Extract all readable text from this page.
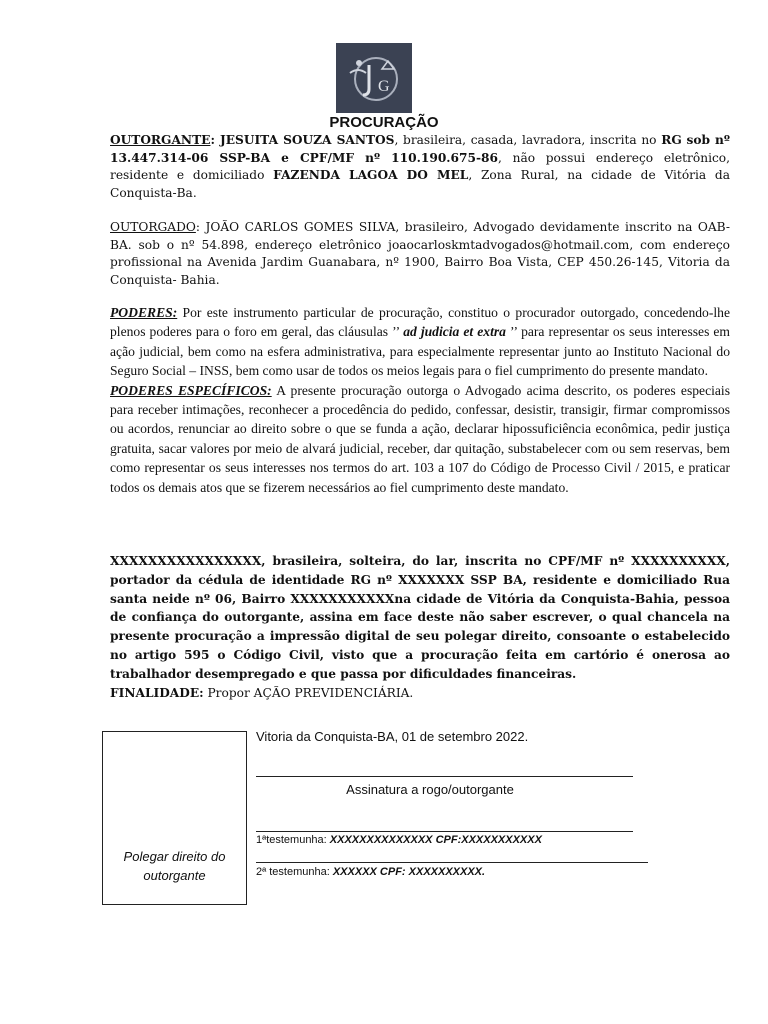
G
PROCURAÇÃO
OUTORGANTE: JESUITA SOUZA SANTOS, brasileira, casada, lavradora, inscrita no RG sob nº 13.447.314-06 SSP-BA e CPF/MF nº 110.190.675-86, não possui endereço eletrônico, residente e domiciliado FAZENDA LAGOA DO MEL, Zona Rural, na cidade de Vitória da Conquista-Ba.
OUTORGADO: JOÃO CARLOS GOMES SILVA, brasileiro, Advogado devidamente inscrito na OAB-BA. sob o nº 54.898, endereço eletrônico joaocarloskmtadvogados@hotmail.com, com endereço profissional na Avenida Jardim Guanabara, nº 1900, Bairro Boa Vista, CEP 450.26-145, Vitoria da Conquista- Bahia.
PODERES: Por este instrumento particular de procuração, constituo o procurador outorgado, concedendo-lhe plenos poderes para o foro em geral, das cláusulas ’’ ad judicia et extra ’’ para representar os seus interesses em ação judicial, bem como na esfera administrativa, para especialmente representar junto ao Instituto Nacional do Seguro Social – INSS, bem como usar de todos os meios legais para o fiel cumprimento do presente mandato.
PODERES ESPECÍFICOS: A presente procuração outorga o Advogado acima descrito, os poderes especiais para receber intimações, reconhecer a procedência do pedido, confessar, desistir, transigir, firmar compromissos ou acordos, renunciar ao direito sobre o que se funda a ação, declarar hipossuficiência econômica, pedir justiça gratuita, sacar valores por meio de alvará judicial, receber, dar quitação, substabelecer com ou sem reservas, bem como representar os seus interesses nos termos do art. 103 a 107 do Código de Processo Civil / 2015, e praticar todos os demais atos que se fizerem necessários ao fiel cumprimento deste mandato.
XXXXXXXXXXXXXXXX, brasileira, solteira, do lar, inscrita no CPF/MF nº XXXXXXXXXX, portador da cédula de identidade RG nº XXXXXXX SSP BA, residente e domiciliado Rua santa neide nº 06, Bairro XXXXXXXXXXXna cidade de Vitória da Conquista-Bahia, pessoa de confiança do outorgante, assina em face deste não saber escrever, o qual chancela na presente procuração a impressão digital de seu polegar direito, consoante o estabelecido no artigo 595 o Código Civil, visto que a procuração feita em cartório é onerosa ao trabalhador desempregado e que passa por dificuldades financeiras.
FINALIDADE: Propor AÇÃO PREVIDENCIÁRIA.
Polegar direito do outorgante
Vitoria da Conquista-BA, 01 de setembro 2022.
Assinatura a rogo/outorgante
1ªtestemunha: XXXXXXXXXXXXXX CPF:XXXXXXXXXXX
2ª testemunha: XXXXXX CPF: XXXXXXXXXX.
